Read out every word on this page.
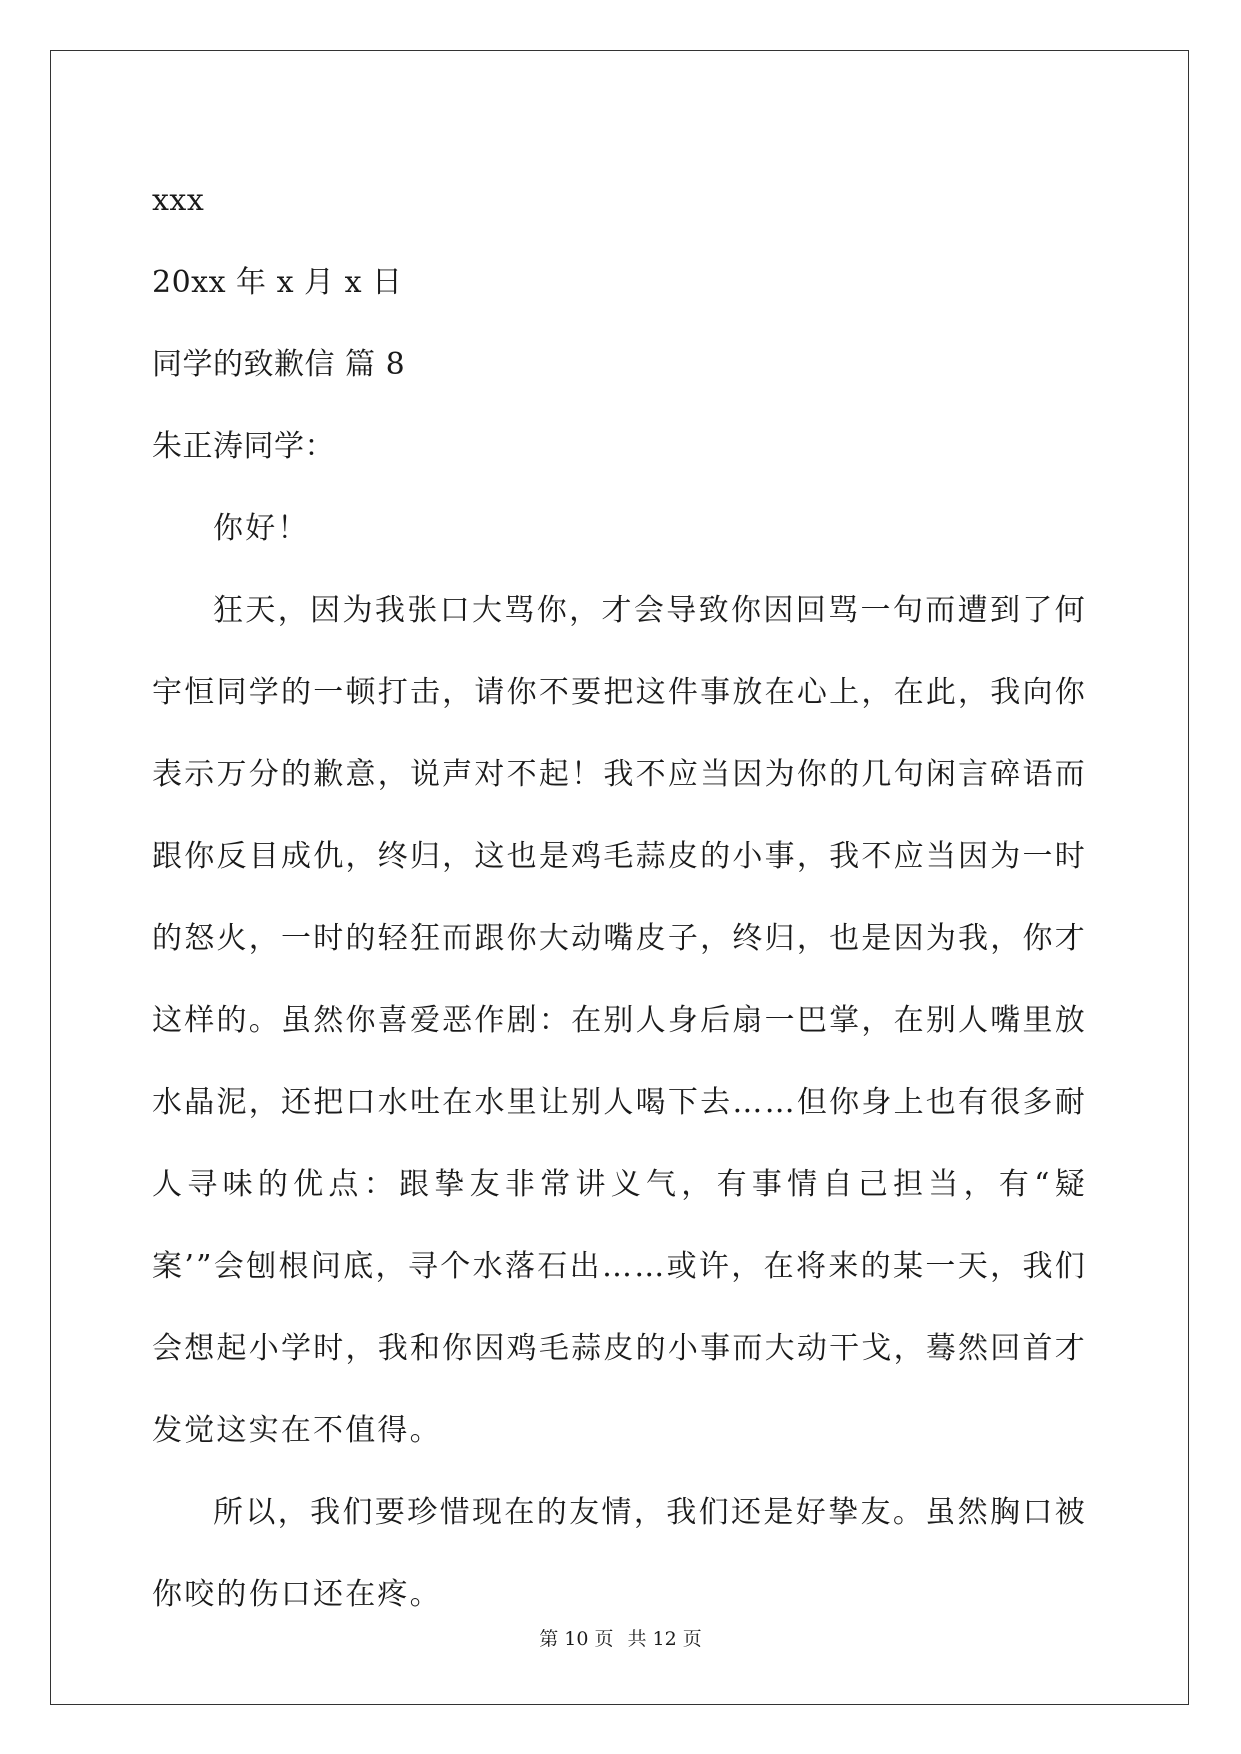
xxx
20xx 年 x 月 x 日
同学的致歉信 篇 8
朱正涛同学：

你好！

狂天，因为我张口大骂你，才会导致你因回骂一句而遭到了何宇恒同学的一顿打击，请你不要把这件事放在心上，在此，我向你表示万分的歉意，说声对不起！我不应当因为你的几句闲言碎语而跟你反目成仇，终归，这也是鸡毛蒜皮的小事，我不应当因为一时的怒火，一时的轻狂而跟你大动嘴皮子，终归，也是因为我，你才这样的。虽然你喜爱恶作剧：在别人身后扇一巴掌，在别人嘴里放水晶泥，还把口水吐在水里让别人喝下去……但你身上也有很多耐人寻味的优点：跟挚友非常讲义气，有事情自己担当，有“疑案’”会刨根问底，寻个水落石出……或许，在将来的某一天，我们会想起小学时，我和你因鸡毛蒜皮的小事而大动干戈，蓦然回首才发觉这实在不值得。

所以，我们要珍惜现在的友情，我们还是好挚友。虽然胸口被你咬的伤口还在疼。

第 10 页 共 12 页
